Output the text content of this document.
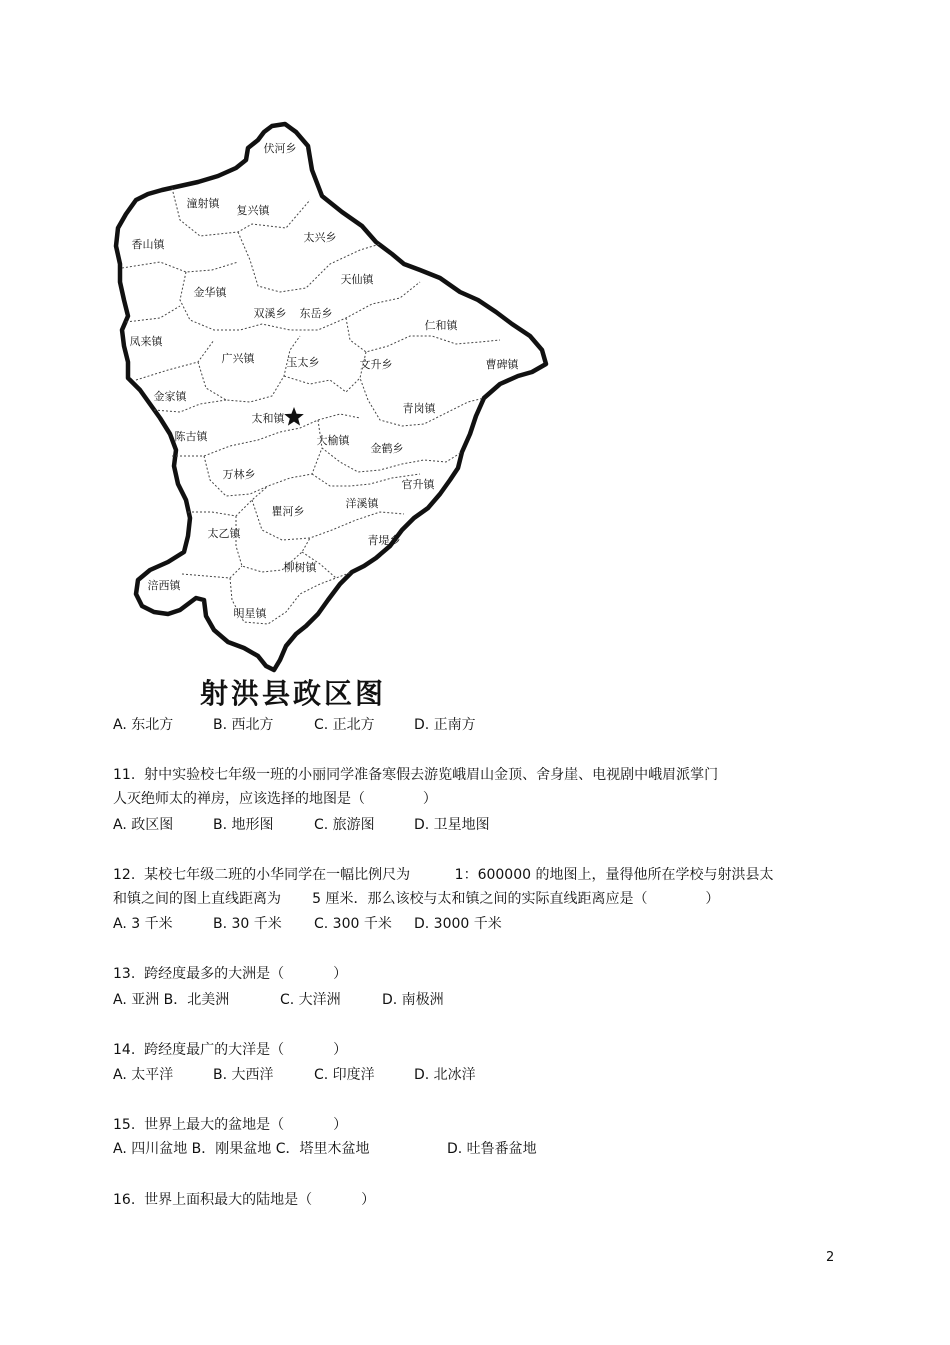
伏河乡
潼射镇
复兴镇
香山镇
太兴乡
天仙镇
金华镇
双溪乡 东岳乡
仁和镇
凤来镇
广兴镇	玉太乡	文升乡	曹碑镇
金家镇
青岗镇
太和镇
陈古镇	大榆镇
金鹤乡
万林乡
官升镇
瞿河乡
洋溪镇
太乙镇
青堤乡
柳树镇
涪西镇
明星镇
射洪县政区图
A. 东北方	B. 西北方	C. 正北方	D. 正南方
11.  射中实验校七年级一班的小丽同学准备寒假去游览峨眉山金顶、舍身崖、电视剧中峨眉派掌门
人灭绝师太的禅房，应该选择的地图是（             ）
A. 政区图	B. 地形图	C. 旅游图	D. 卫星地图
12.  某校七年级二班的小华同学在一幅比例尺为          1：600000 的地图上，量得他所在学校与射洪县太
和镇之间的图上直线距离为       5 厘米．那么该校与太和镇之间的实际直线距离应是（             ）
A. 3 千米	B. 30 千米 C. 300 千米 D. 3000 千米
13.  跨经度最多的大洲是（           ）
A. 亚洲 B．北美洲	C. 大洋洲	D. 南极洲
14.  跨经度最广的大洋是（           ）
A. 太平洋	B. 大西洋	C. 印度洋	D. 北冰洋
15.  世界上最大的盆地是（           ）
A. 四川盆地 B．刚果盆地 C．塔里木盆地	D. 吐鲁番盆地
16.  世界上面积最大的陆地是（           ）
2
